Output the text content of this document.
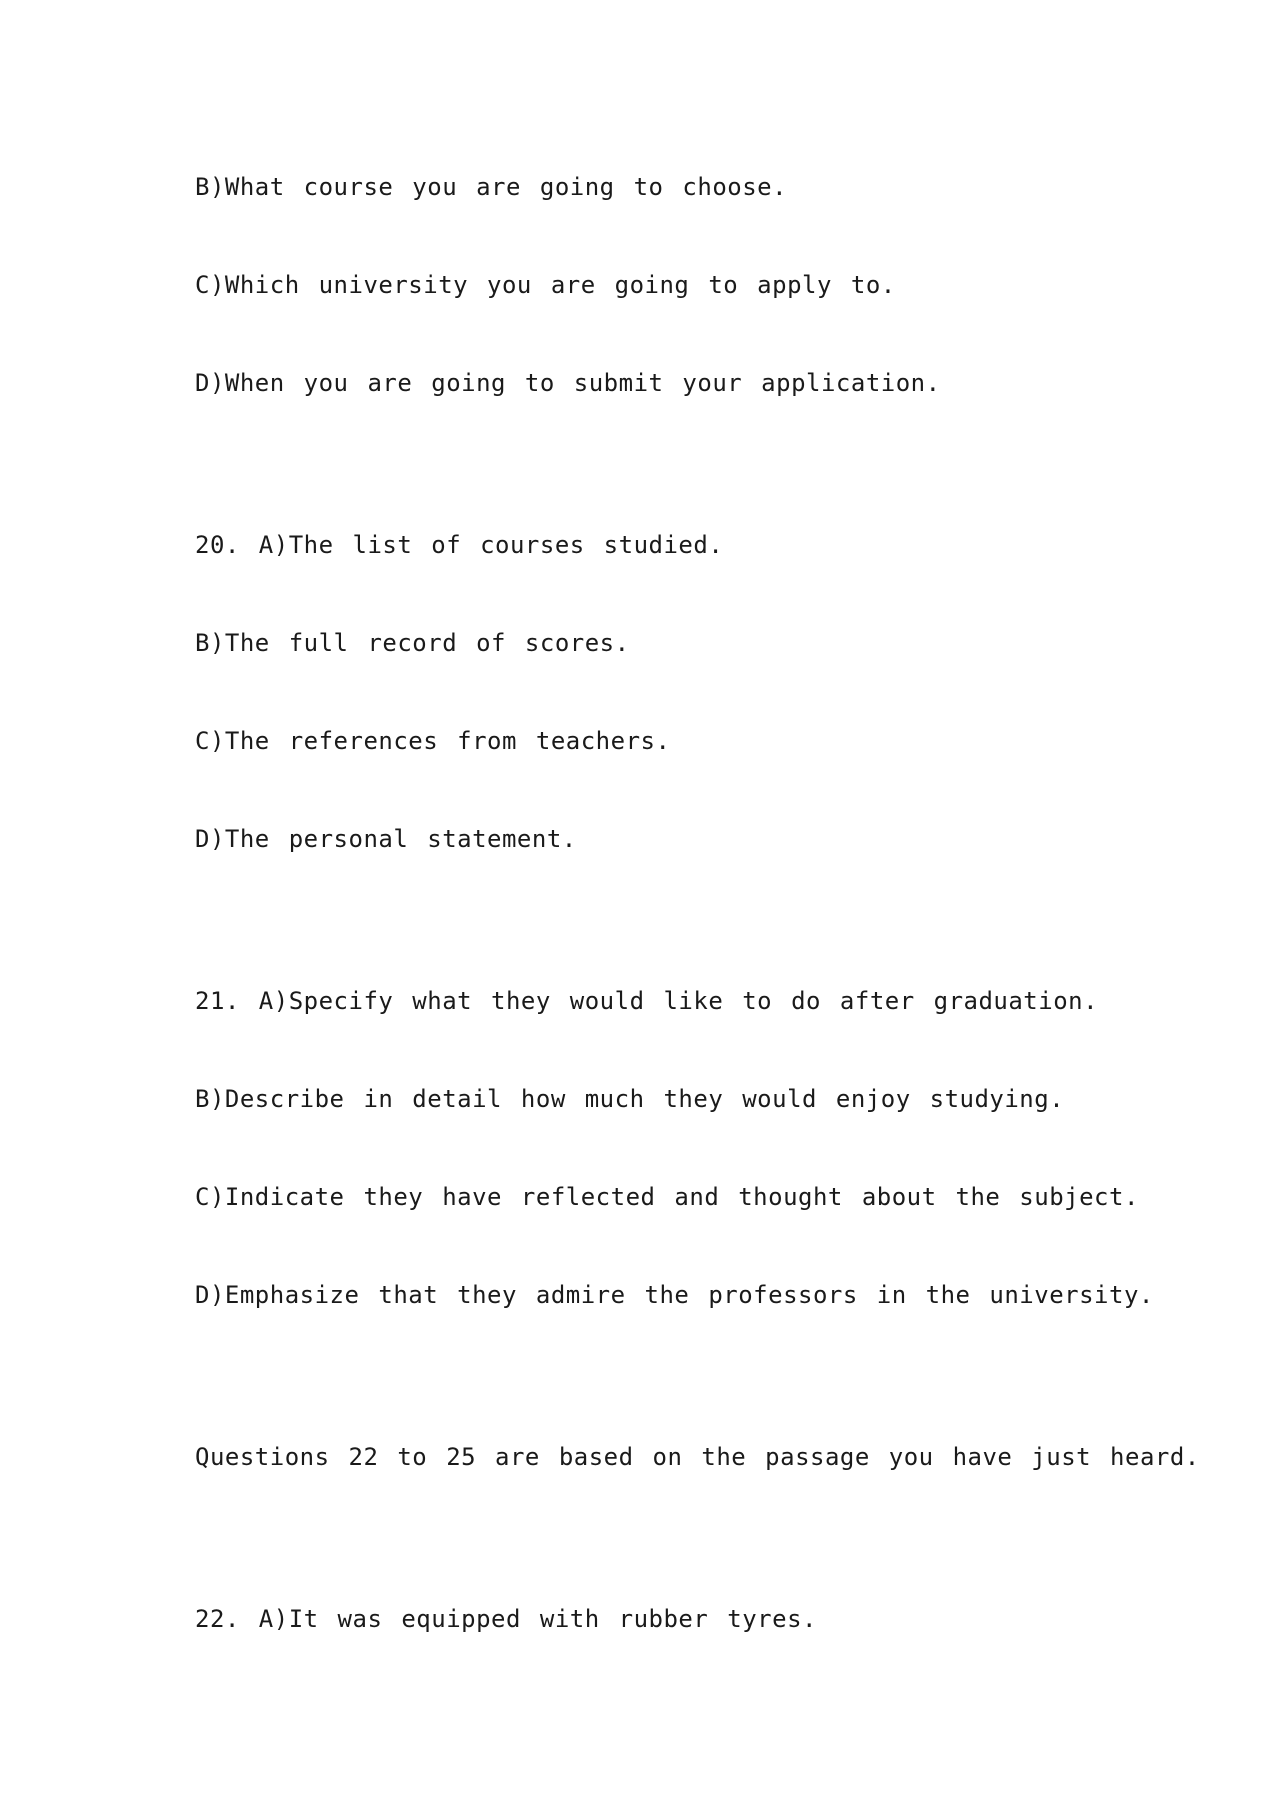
B)What course you are going to choose.
C)Which university you are going to apply to.
D)When you are going to submit your application.
20. A)The list of courses studied.
B)The full record of scores.
C)The references from teachers.
D)The personal statement.
21. A)Specify what they would like to do after graduation.
B)Describe in detail how much they would enjoy studying.
C)Indicate they have reflected and thought about the subject.
D)Emphasize that they admire the professors in the university.
Questions 22 to 25 are based on the passage you have just heard.
22. A)It was equipped with rubber tyres.
